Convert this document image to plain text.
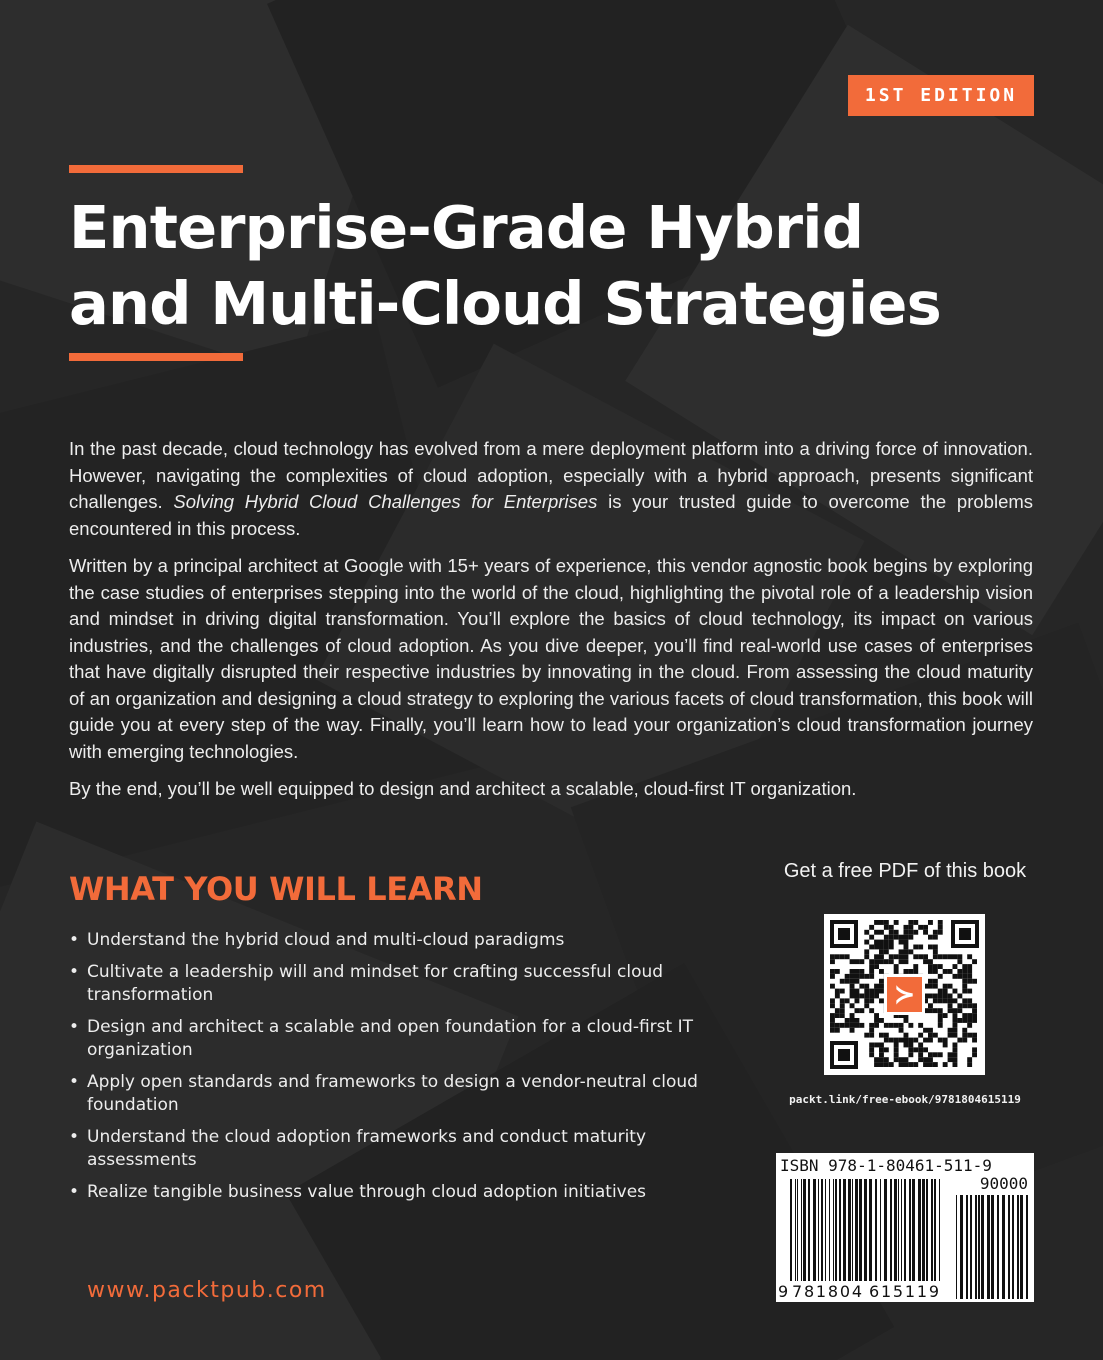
1ST EDITION
Enterprise-Grade Hybrid
and Multi-Cloud Strategies

In the past decade, cloud technology has evolved from a mere deployment platform into a driving force of innovation. However, navigating the complexities of cloud adoption, especially with a hybrid approach, presents significant challenges. Solving Hybrid Cloud Challenges for Enterprises is your trusted guide to overcome the problems encountered in this process.

Written by a principal architect at Google with 15+ years of experience, this vendor agnostic book begins by exploring the case studies of enterprises stepping into the world of the cloud, highlighting the pivotal role of a leadership vision and mindset in driving digital transformation. You’ll explore the basics of cloud technology, its impact on various industries, and the challenges of cloud adoption. As you dive deeper, you’ll find real-world use cases of enterprises that have digitally disrupted their respective industries by innovating in the cloud. From assessing the cloud maturity of an organization and designing a cloud strategy to exploring the various facets of cloud transformation, this book will guide you at every step of the way. Finally, you’ll learn how to lead your organization’s cloud transformation journey with emerging technologies.

By the end, you’ll be well equipped to design and architect a scalable, cloud-first IT organization.

WHAT YOU WILL LEARN
• Understand the hybrid cloud and multi-cloud paradigms
• Cultivate a leadership will and mindset for crafting successful cloud transformation
• Design and architect a scalable and open foundation for a cloud-first IT organization
• Apply open standards and frameworks to design a vendor-neutral cloud foundation
• Understand the cloud adoption frameworks and conduct maturity assessments
• Realize tangible business value through cloud adoption initiatives
www.packtpub.com
Get a free PDF of this book
≻
packt.link/free-ebook/9781804615119
ISBN 978-1-80461-511-9
90000
9 781804 615119
